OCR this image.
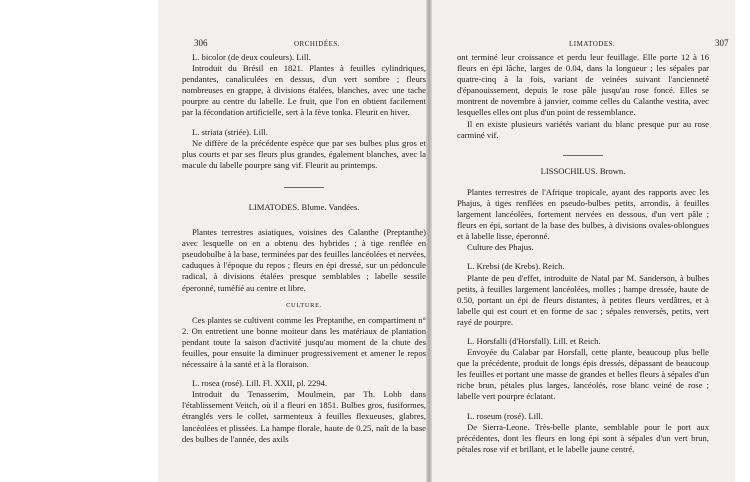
306	ORCHIDÉES.

L. bicolor (de deux couleurs). Lill.

Introduit du Brésil en 1821. Plantes à feuilles cylindriques, pendantes, canaliculées en dessus, d'un vert sombre ; fleurs nombreuses en grappe, à divisions étalées, blanches, avec une tache pourpre au centre du labelle. Le fruit, que l'on en obtient facilement par la fécondation artificielle, sert à la fève tonka. Fleurit en hiver.

L. striata (striée). Lill.

Ne diffère de la précédente espèce que par ses bulbes plus gros et plus courts et par ses fleurs plus grandes, également blanches, avec la macule du labelle pourpre sang vif. Fleurit au printemps.

LIMATODES. Blume. Vandées.

Plantes terrestres asiatiques, voisines des Calanthe (Preptanthe) avec lesquelle on en a obtenu des hybrides ; à tige renflée en pseudobulbe à la base, terminées par des feuilles lancéolées et nervées, caduques à l'époque du repos ; fleurs en épi dressé, sur un pédoncule radical, à divisions étalées presque semblables ; labelle sessile éperonné, tuméfié au centre et libre.

CULTURE.

Ces plantes se cultivent comme les Preptanthe, en compartiment n° 2. On entretient une bonne moiteur dans les matériaux de plantation pendant toute la saison d'activité jusqu'au moment de la chute des feuilles, pour ensuite la diminuer progressivement et amener le repos nécessaire à la santé et à la floraison.

L. rosea (rosé). Lill. Fl. XXII, pl. 2294.

Introduit du Tenasserim, Moulmein, par Th. Lobb dans l'établissement Veitch, où il a fleuri en 1851. Bulbes gros, fusiformes, étranglés vers le collet, sarmenteux à feuilles flexueuses, glabres, lancéolées et plissées. La hampe florale, haute de 0.25, naît de la base des bulbes de l'année, des axils

LIMATODES.	307

ont terminé leur croissance et perdu leur feuillage. Elle porte 12 à 16 fleurs en épi lâche, larges de 0.04, dans la longueur ; les sépales par quatre-cinq à la fois, variant de veinées suivant l'ancienneté d'épanouissement, depuis le rose pâle jusqu'au rose foncé. Elles se montrent de novembre à janvier, comme celles du Calanthe vestita, avec lesquelles elles ont plus d'un point de ressemblance.

Il en existe plusieurs variétés variant du blanc presque pur au rose carminé vif.

LISSOCHILUS. Brown.

Plantes terrestres de l'Afrique tropicale, ayant des rapports avec les Phajus, à tiges renflées en pseudo-bulbes petits, arrondis, à feuilles largement lancéolées, fortement nervées en dessous, d'un vert pâle ; fleurs en épi, sortant de la base des bulbes, à divisions ovales-oblongues et à labelle lisse, éperonné.

Culture des Phajus.

L. Krebsi (de Krebs). Reich.

Plante de peu d'effet, introduite de Natal par M. Sanderson, à bulbes petits, à feuilles largement lancéolées, molles ; hampe dressée, haute de 0.50, portant un épi de fleurs distantes, à petites fleurs verdâtres, et à labelle qui est court et en forme de sac ; sépales renversés, petits, vert rayé de pourpre.

L. Horsfalli (d'Horsfall). Lill. et Reich.

Envoyée du Calabar par Horsfall, cette plante, beaucoup plus belle que la précédente, produit de longs épis dressés, dépassant de beaucoup les feuilles et portant une masse de grandes et belles fleurs à sépales d'un riche brun, pétales plus larges, lancéolés, rose blanc veiné de rose ; labelle vert pourpre éclatant.

L. roseum (rosé). Lill.

De Sierra-Leone. Très-belle plante, semblable pour le port aux précédentes, dont les fleurs en long épi sont à sépales d'un vert brun, pétales rose vif et brillant, et le labelle jaune centré.
